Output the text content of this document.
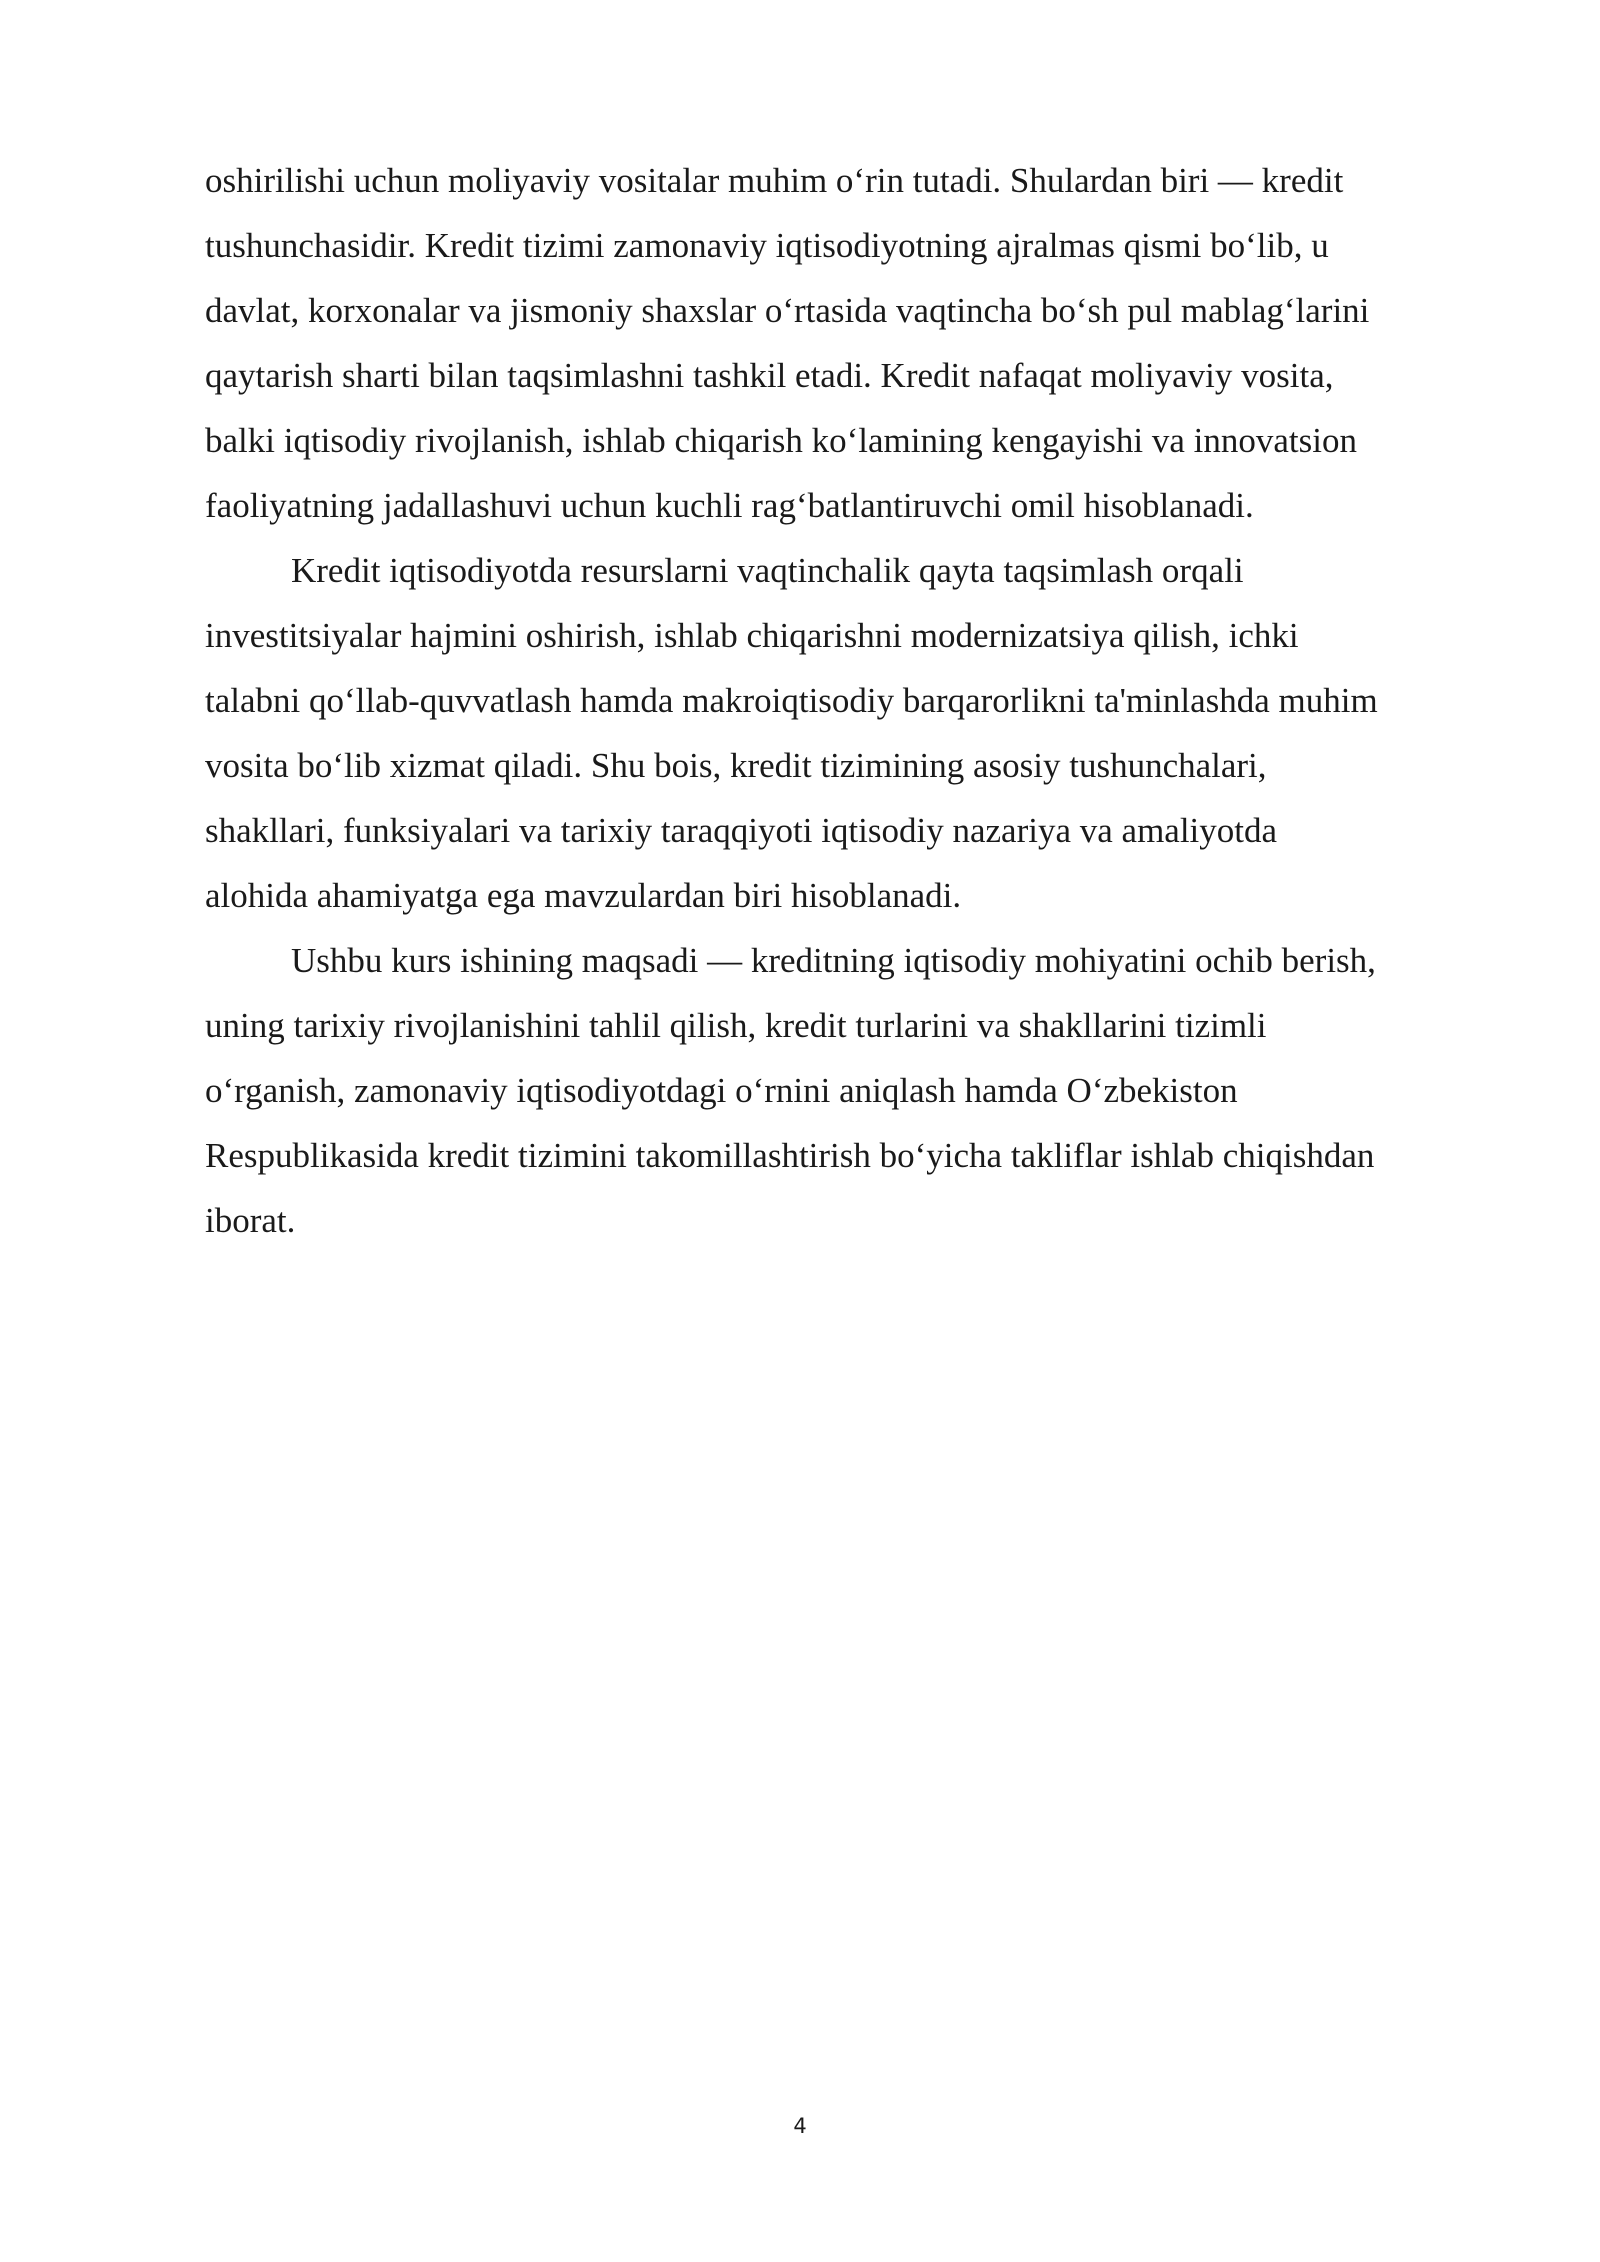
oshirilishi uchun moliyaviy vositalar muhim oʻrin tutadi. Shulardan biri — kredit
tushunchasidir. Kredit tizimi zamonaviy iqtisodiyotning ajralmas qismi boʻlib, u
davlat, korxonalar va jismoniy shaxslar oʻrtasida vaqtincha boʻsh pul mablagʻlarini
qaytarish sharti bilan taqsimlashni tashkil etadi. Kredit nafaqat moliyaviy vosita,
balki iqtisodiy rivojlanish, ishlab chiqarish koʻlamining kengayishi va innovatsion
faoliyatning jadallashuvi uchun kuchli ragʻbatlantiruvchi omil hisoblanadi.

Kredit iqtisodiyotda resurslarni vaqtinchalik qayta taqsimlash orqali
investitsiyalar hajmini oshirish, ishlab chiqarishni modernizatsiya qilish, ichki
talabni qoʻllab-quvvatlash hamda makroiqtisodiy barqarorlikni ta'minlashda muhim
vosita boʻlib xizmat qiladi. Shu bois, kredit tizimining asosiy tushunchalari,
shakllari, funksiyalari va tarixiy taraqqiyoti iqtisodiy nazariya va amaliyotda
alohida ahamiyatga ega mavzulardan biri hisoblanadi.

Ushbu kurs ishining maqsadi — kreditning iqtisodiy mohiyatini ochib berish,
uning tarixiy rivojlanishini tahlil qilish, kredit turlarini va shakllarini tizimli
oʻrganish, zamonaviy iqtisodiyotdagi oʻrnini aniqlash hamda Oʻzbekiston
Respublikasida kredit tizimini takomillashtirish boʻyicha takliflar ishlab chiqishdan
iborat.

4
